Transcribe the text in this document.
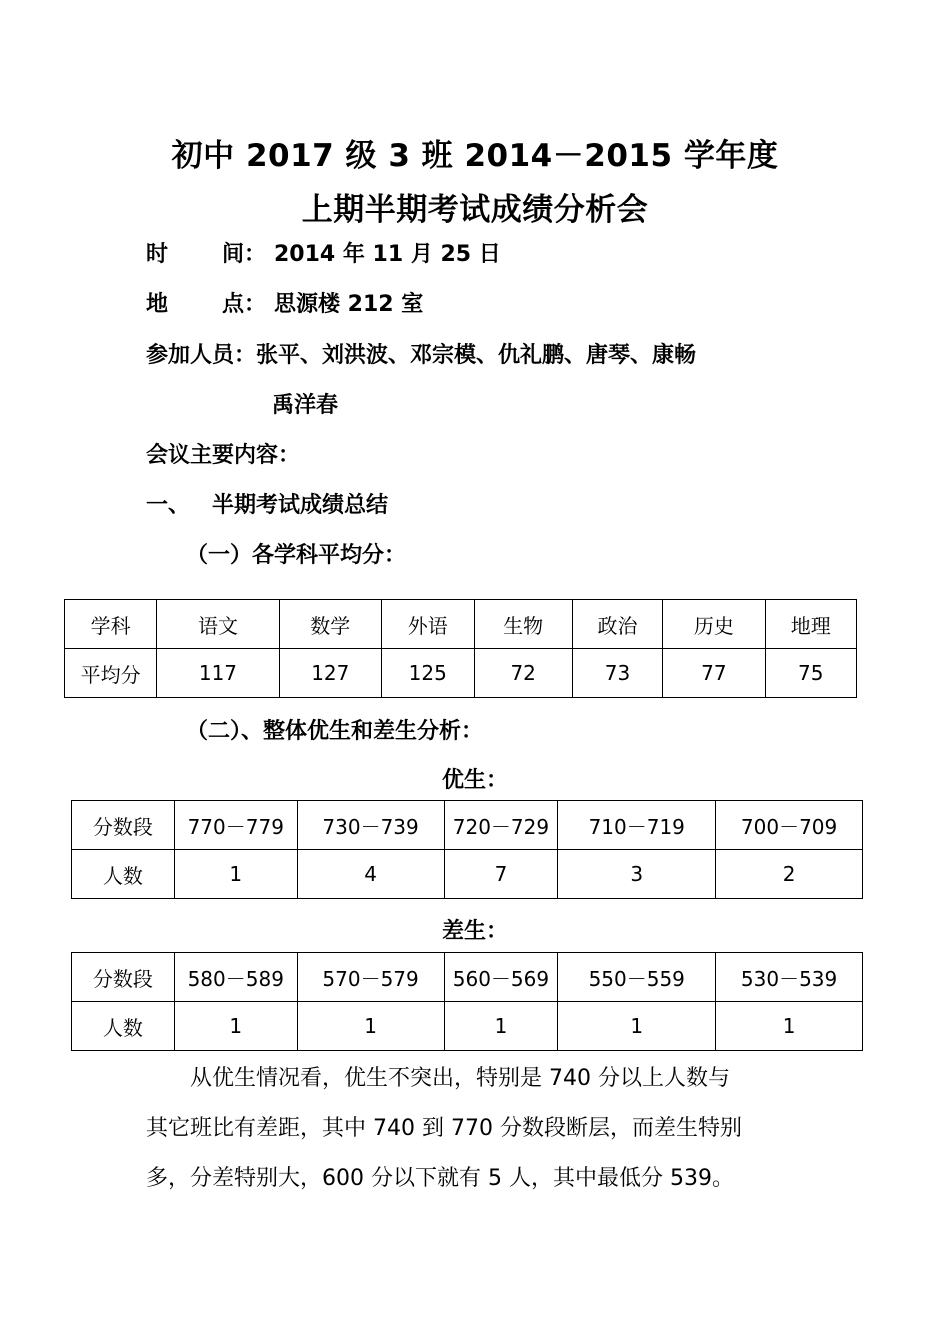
初中 2017 级 3 班 2014－2015 学年度
上期半期考试成绩分析会
时 间： 2014 年 11 月 25 日
地 点： 思源楼 212 室
参加人员：张平、刘洪波、邓宗模、仇礼鹏、唐琴、康畅
禹洋春
会议主要内容：
一、 半期考试成绩总结
（一）各学科平均分：
学科	语文	数学	外语	生物	政治	历史	地理
平均分	117	127	125	72	73	77	75
（二）、整体优生和差生分析：
优生：
分数段	770－779	730－739	720－729	710－719	700－709
人数	1	4	7	3	2
差生：
分数段	580－589	570－579	560－569	550－559	530－539
人数	1	1	1	1	1
从优生情况看，优生不突出，特别是 740 分以上人数与
其它班比有差距，其中 740 到 770 分数段断层，而差生特别
多，分差特别大，600 分以下就有 5 人，其中最低分 539。
